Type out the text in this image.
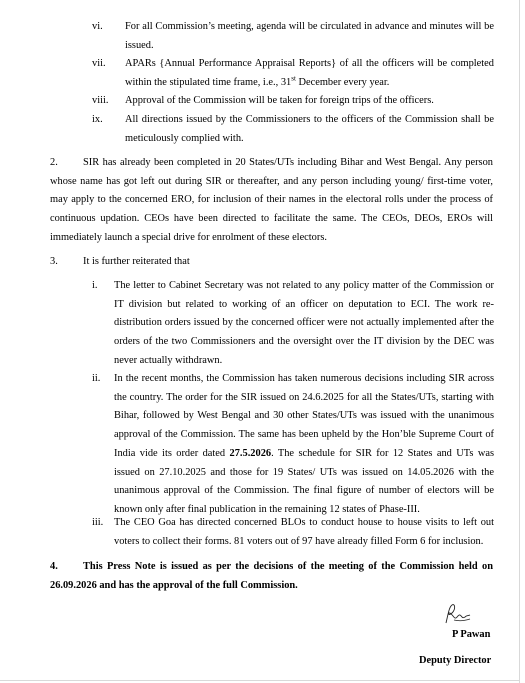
vi. For all Commission’s meeting, agenda will be circulated in advance and minutes will be issued.
vii. APARs {Annual Performance Appraisal Reports} of all the officers will be completed within the stipulated time frame, i.e., 31st December every year.
viii. Approval of the Commission will be taken for foreign trips of the officers.
ix. All directions issued by the Commissioners to the officers of the Commission shall be meticulously complied with.
2. SIR has already been completed in 20 States/UTs including Bihar and West Bengal. Any person whose name has got left out during SIR or thereafter, and any person including young/ first-time voter, may apply to the concerned ERO, for inclusion of their names in the electoral rolls under the process of continuous updation. CEOs have been directed to facilitate the same. The CEOs, DEOs, EROs will immediately launch a special drive for enrolment of these electors.
3. It is further reiterated that
i. The letter to Cabinet Secretary was not related to any policy matter of the Commission or IT division but related to working of an officer on deputation to ECI. The work re-distribution orders issued by the concerned officer were not actually implemented after the orders of the two Commissioners and the oversight over the IT division by the DEC was never actually withdrawn.
ii. In the recent months, the Commission has taken numerous decisions including SIR across the country. The order for the SIR issued on 24.6.2025 for all the States/UTs, starting with Bihar, followed by West Bengal and 30 other States/UTs was issued with the unanimous approval of the Commission. The same has been upheld by the Hon’ble Supreme Court of India vide its order dated 27.5.2026. The schedule for SIR for 12 States and UTs was issued on 27.10.2025 and those for 19 States/ UTs was issued on 14.05.2026 with the unanimous approval of the Commission. The final figure of number of electors will be known only after final publication in the remaining 12 states of Phase-III.
iii. The CEO Goa has directed concerned BLOs to conduct house to house visits to left out voters to collect their forms. 81 voters out of 97 have already filled Form 6 for inclusion.
4. This Press Note is issued as per the decisions of the meeting of the Commission held on 26.09.2026 and has the approval of the full Commission.
P Pawan
Deputy Director
